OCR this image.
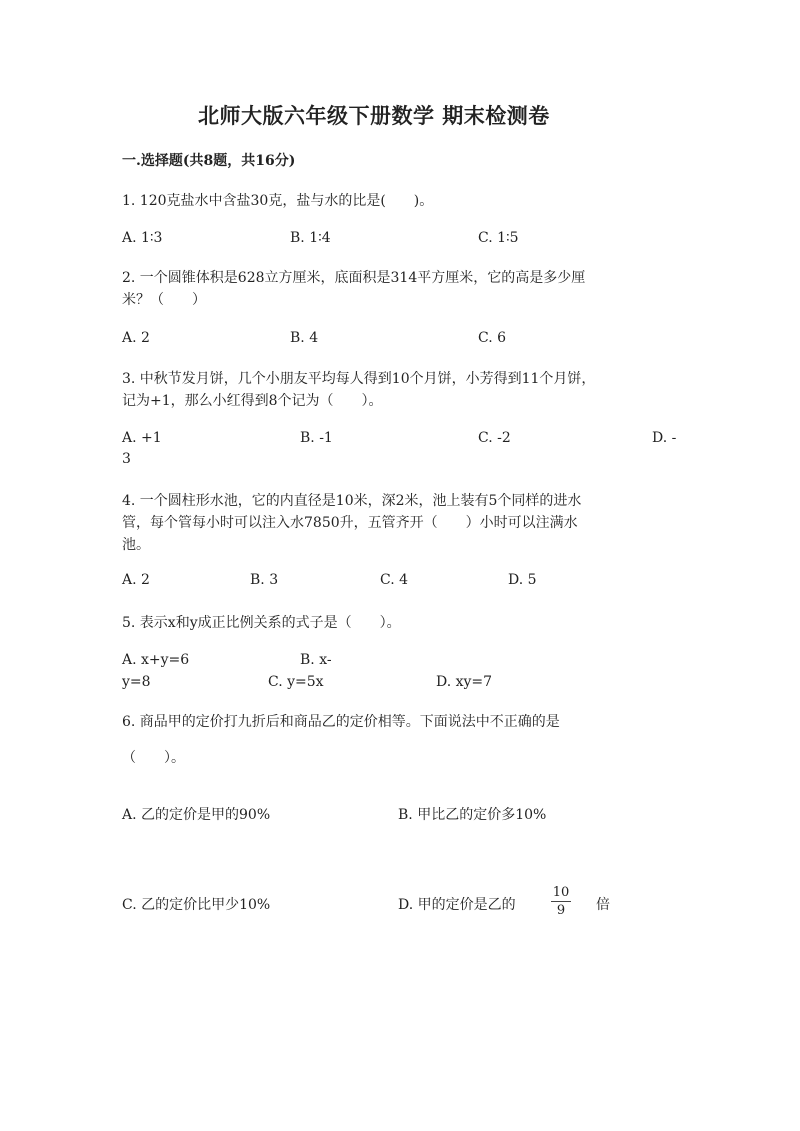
北师大版六年级下册数学 期末检测卷
一.选择题(共8题，共16分)
1. 120克盐水中含盐30克，盐与水的比是(　　)。
A. 1∶3	B. 1∶4	C. 1∶5
2. 一个圆锥体积是628立方厘米，底面积是314平方厘米，它的高是多少厘
米？（　　）
A. 2	B. 4	C. 6
3. 中秋节发月饼，几个小朋友平均每人得到10个月饼，小芳得到11个月饼，
记为+1，那么小红得到8个记为（　　）。
A. +1	B. -1	C. -2	D. -
3
4. 一个圆柱形水池，它的内直径是10米，深2米，池上装有5个同样的进水
管，每个管每小时可以注入水7850升，五管齐开（　　）小时可以注满水
池。
A. 2	B. 3	C. 4	D. 5
5. 表示x和y成正比例关系的式子是（　　）。
A. x+y=6	B. x-
y=8	C. y=5x	D. xy=7
6. 商品甲的定价打九折后和商品乙的定价相等。下面说法中不正确的是
（　　）。
A. 乙的定价是甲的90%	B. 甲比乙的定价多10%
C. 乙的定价比甲少10%	D. 甲的定价是乙的
10
9	倍
